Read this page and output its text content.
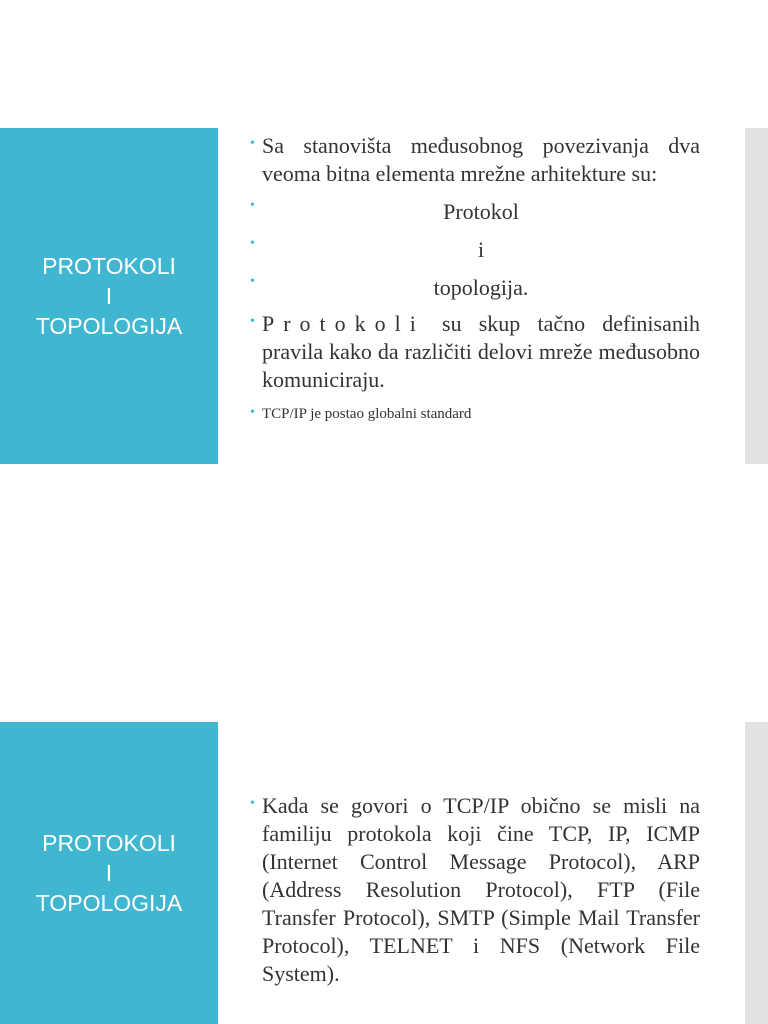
PROTOKOLI
I
TOPOLOGIJA

• Sa stanovišta međusobnog povezivanja dva veoma bitna elementa mrežne arhitekture su:

• Protokol

• i

• topologija.

• Protokoli su skup tačno definisanih pravila kako da različiti delovi mreže međusobno komuniciraju.

• TCP/IP je postao globalni standard

PROTOKOLI
I
TOPOLOGIJA

• Kada se govori o TCP/IP obično se misli na familiju protokola koji čine TCP, IP, ICMP (Internet Control Message Protocol), ARP (Address Resolution Protocol), FTP (File Transfer Protocol), SMTP (Simple Mail Transfer Protocol), TELNET i NFS (Network File System).
